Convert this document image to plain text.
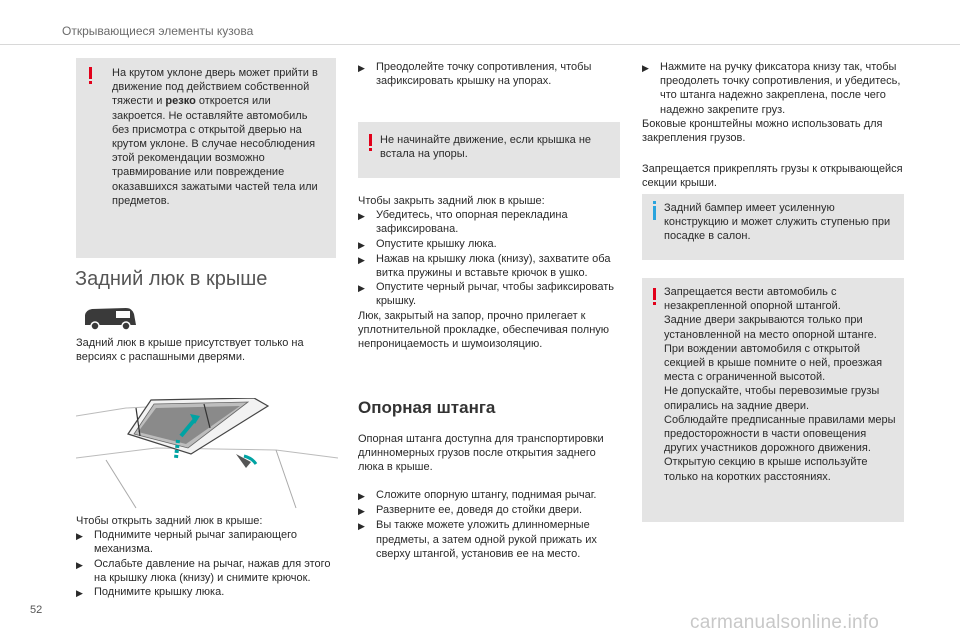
Открывающиеся элементы кузова

На крутом уклоне дверь может прийти в движение под действием собственной тяжести и резко откроется или закроется. Не оставляйте автомобиль без присмотра с открытой дверью на крутом уклоне. В случае несоблюдения этой рекомендации возможно травмирование или повреждение оказавшихся зажатыми частей тела или предметов.

Задний люк в крыше

Задний люк в крыше присутствует только на версиях с распашными дверями.

Чтобы открыть задний люк в крыше:

▶	Поднимите черный рычаг запирающего механизма.
▶	Ослабьте давление на рычаг, нажав для этого на крышку люка (книзу) и снимите крючок.
▶	Поднимите крышку люка.
▶	Преодолейте точку сопротивления, чтобы зафиксировать крышку на упорах.

Не начинайте движение, если крышка не встала на упоры.

Чтобы закрыть задний люк в крыше:

▶	Убедитесь, что опорная перекладина зафиксирована.
▶	Опустите крышку люка.
▶	Нажав на крышку люка (книзу), захватите оба витка пружины и вставьте крючок в ушко.
▶	Опустите черный рычаг, чтобы зафиксировать крышку.

Люк, закрытый на запор, прочно прилегает к уплотнительной прокладке, обеспечивая полную непроницаемость и шумоизоляцию.

Опорная штанга

Опорная штанга доступна для транспортировки длинномерных грузов после открытия заднего люка в крыше.

▶	Сложите опорную штангу, поднимая рычаг.
▶	Разверните ее, доведя до стойки двери.
▶	Вы также можете уложить длинномерные предметы, а затем одной рукой прижать их сверху штангой, установив ее на место.
▶	Нажмите на ручку фиксатора книзу так, чтобы преодолеть точку сопротивления, и убедитесь, что штанга надежно закреплена, после чего надежно закрепите груз.

Боковые кронштейны можно использовать для закрепления грузов.

Запрещается прикреплять грузы к открывающейся секции крыши.

Задний бампер имеет усиленную конструкцию и может служить ступенью при посадке в салон.

Запрещается вести автомобиль с незакрепленной опорной штангой.

Задние двери закрываются только при установленной на место опорной штанге.

При вождении автомобиля с открытой секцией в крыше помните о ней, проезжая места с ограниченной высотой.

Не допускайте, чтобы перевозимые грузы опирались на задние двери.

Соблюдайте предписанные правилами меры предосторожности в части оповещения других участников дорожного движения.

Открытую секцию в крыше используйте только на коротких расстояниях.

52
carmanualsonline.info
